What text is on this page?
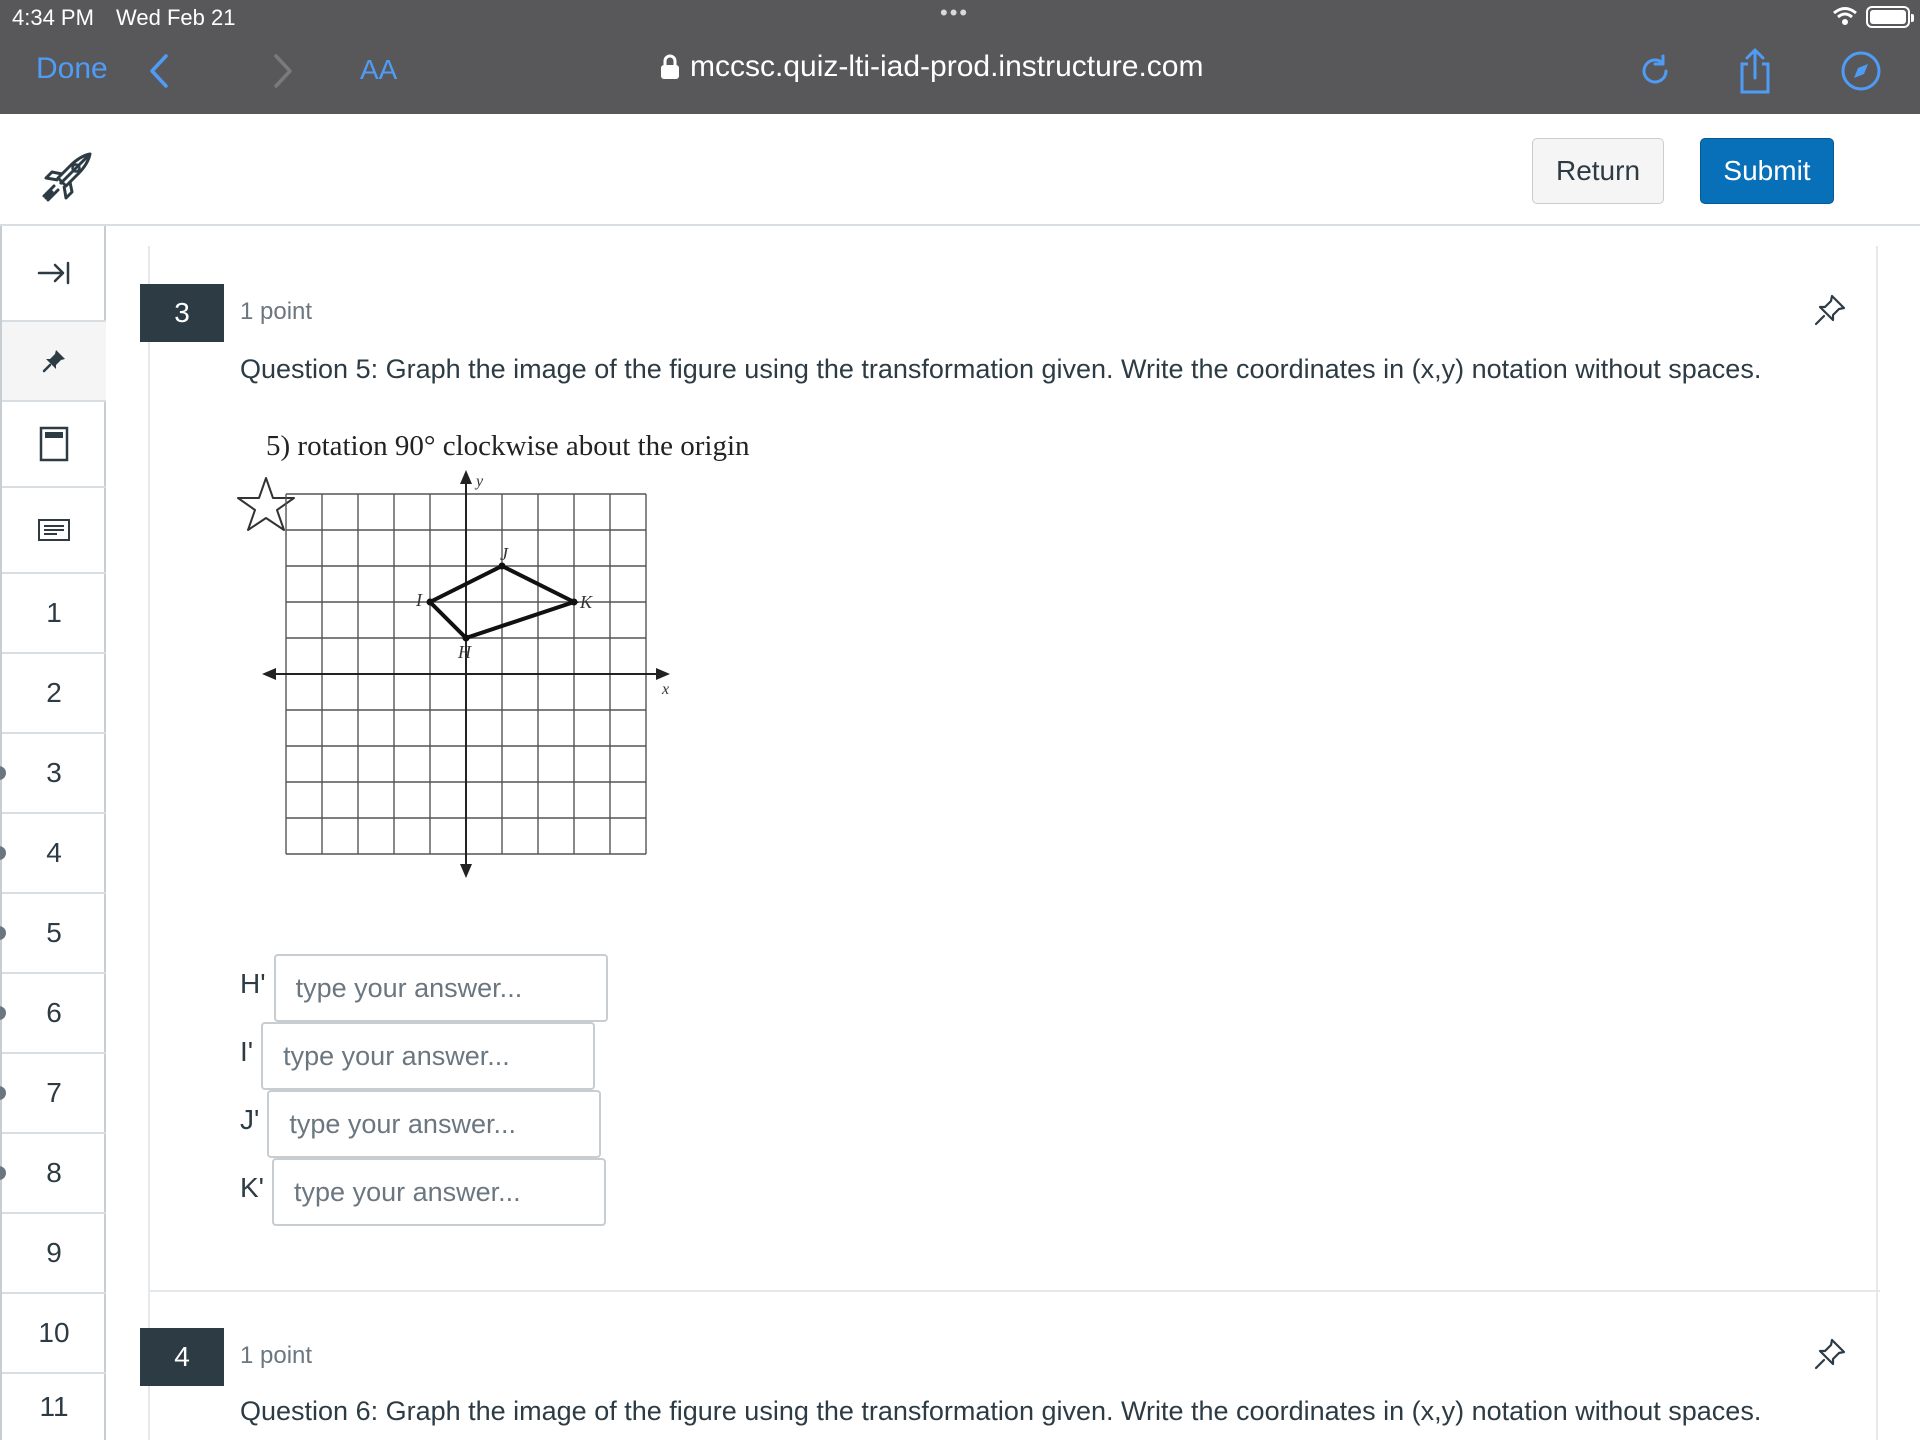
4:34 PM Wed Feb 21	•••
Done	AA	mccsc.quiz-lti-iad-prod.instructure.com
Return	Submit
1
2
3
4
5
6
7
8
9
10
11
3	1 point
Question 5: Graph the image of the figure using the transformation given. Write the coordinates in (x,y) notation without spaces.
5) rotation 90° clockwise about the origin
y
x
H
I
J
K
H'
type your answer...
I'
type your answer...
J'
type your answer...
K'
type your answer...
4	1 point
Question 6: Graph the image of the figure using the transformation given. Write the coordinates in (x,y) notation without spaces.
